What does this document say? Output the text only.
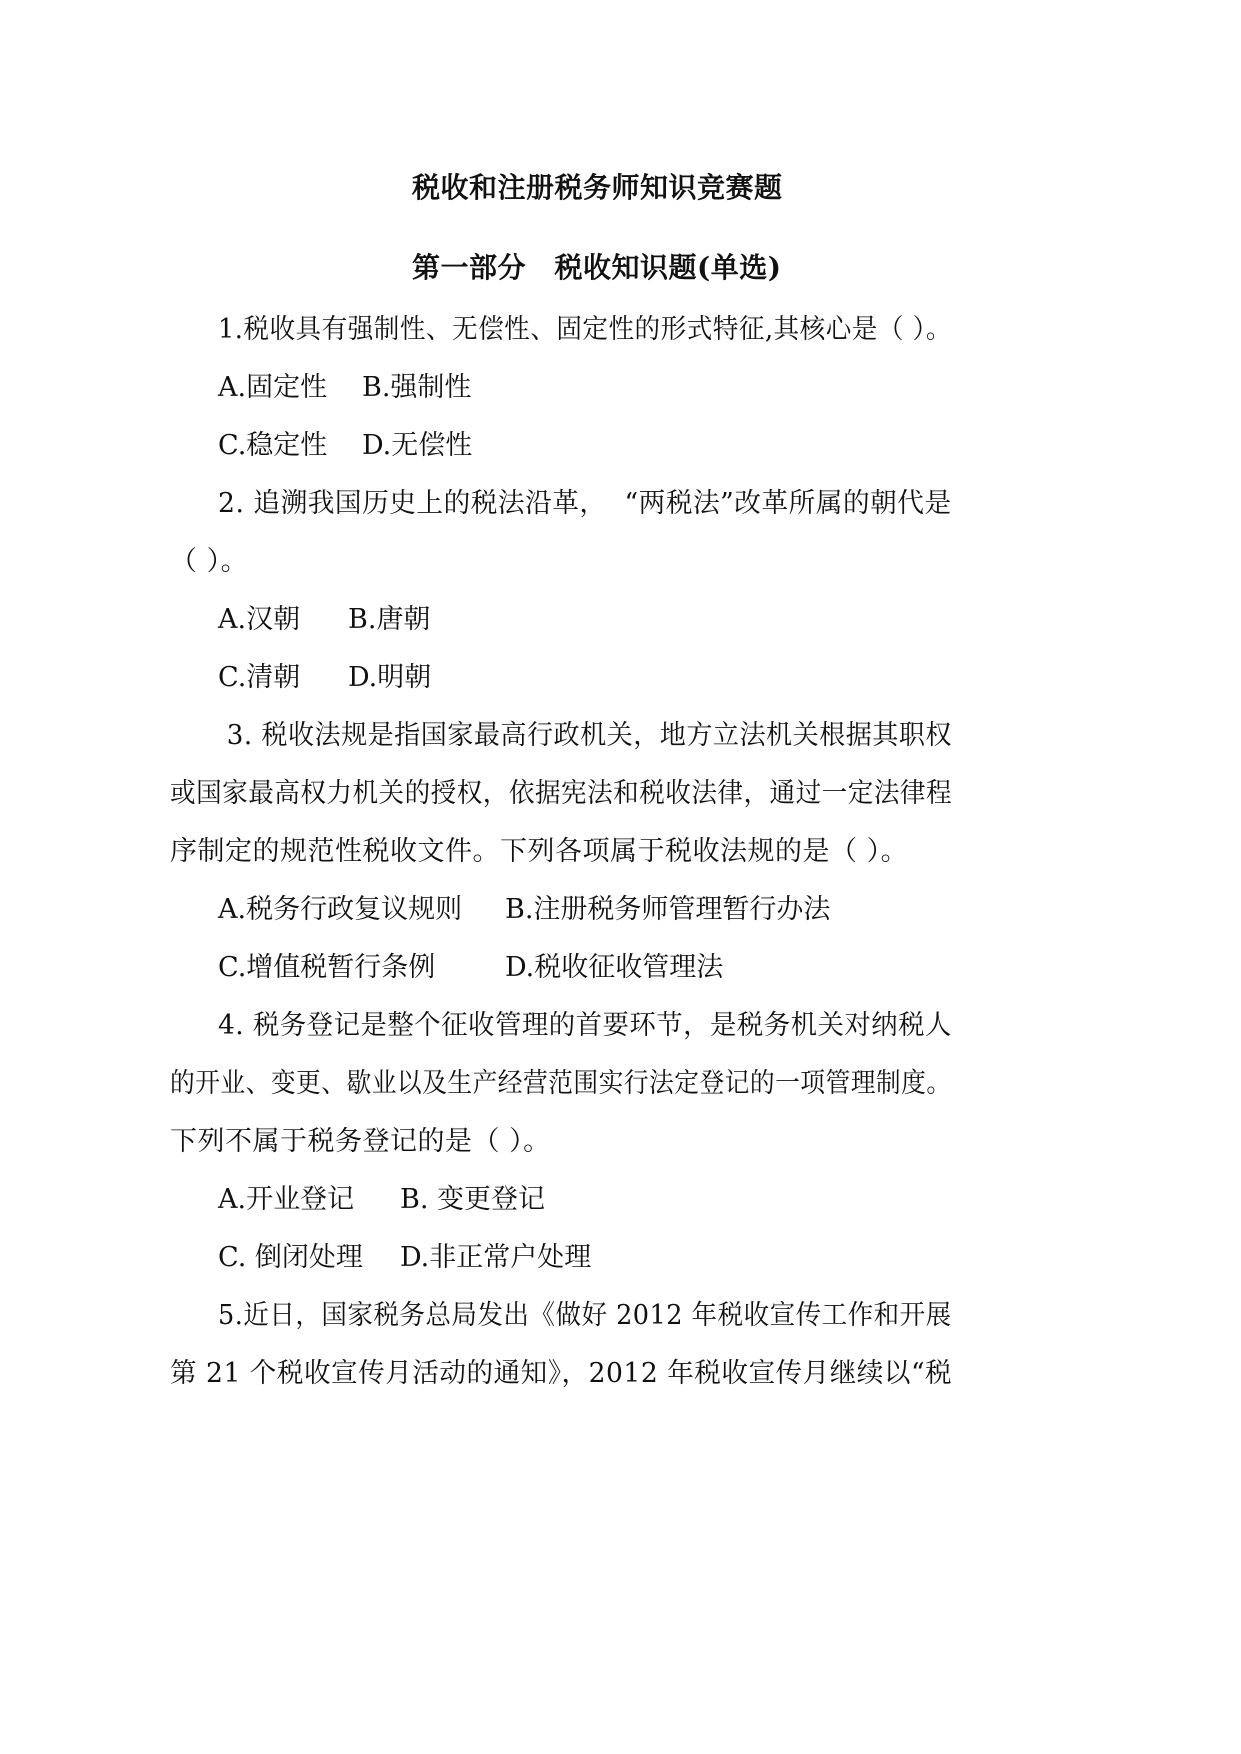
税收和注册税务师知识竞赛题
第一部分　税收知识题(单选)
1.税收具有强制性、无偿性、固定性的形式特征,其核心是（ ）。
A.固定性 B.强制性
C.稳定性 D.无偿性
2. 追溯我国历史上的税法沿革，  “两税法”改革所属的朝代是
（ ）。
A.汉朝 B.唐朝
C.清朝 D.明朝
3. 税收法规是指国家最高行政机关，地方立法机关根据其职权
或国家最高权力机关的授权，依据宪法和税收法律，通过一定法律程
序制定的规范性税收文件。下列各项属于税收法规的是（ ）。
A.税务行政复议规则 B.注册税务师管理暂行办法
C.增值税暂行条例	D.税收征收管理法
4. 税务登记是整个征收管理的首要环节，是税务机关对纳税人
的开业、变更、歇业以及生产经营范围实行法定登记的一项管理制度。
下列不属于税务登记的是（ ）。
A.开业登记 B. 变更登记
C. 倒闭处理 D.非正常户处理
5.近日，国家税务总局发出《做好 2012 年税收宣传工作和开展
第 21 个税收宣传月活动的通知》，2012 年税收宣传月继续以“税
